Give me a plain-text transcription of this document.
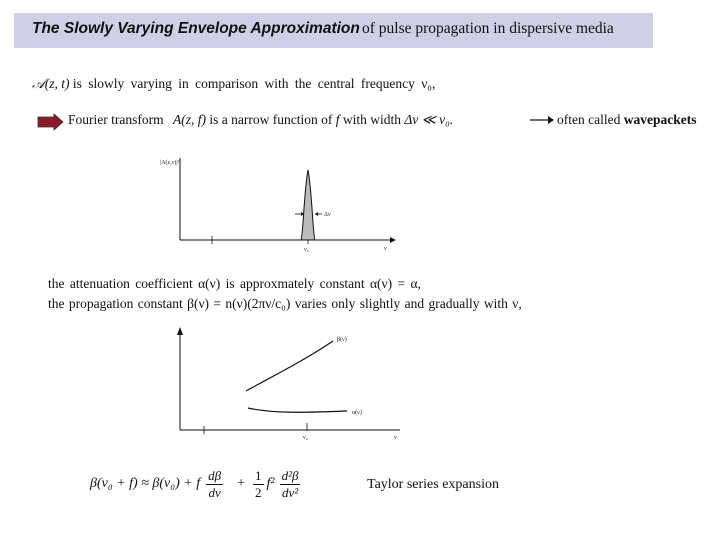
The Slowly Varying Envelope Approximation of pulse propagation in dispersive media
𝒜(z, t) is slowly varying in comparison with the central frequency ν₀,
Fourier transform A(z, f) is a narrow function of f with width Δν ≪ ν₀.	often called wavepackets
|A(z,ν)|²
ν₀
Δν
ν
the attenuation coefficient α(ν) is approxmately constant α(ν) = α,
the propagation constant β(ν) = n(ν)(2πν/c₀) varies only slightly and gradually with ν,
β(ν)
α(ν)
ν₀	ν
β(ν₀ + f) ≈ β(ν₀) + f $\frac{d\beta}{d\nu} + \frac{1}{2} f^2 \frac{\text{d²β}}{\text{dν²}}$	Taylor series expansion
